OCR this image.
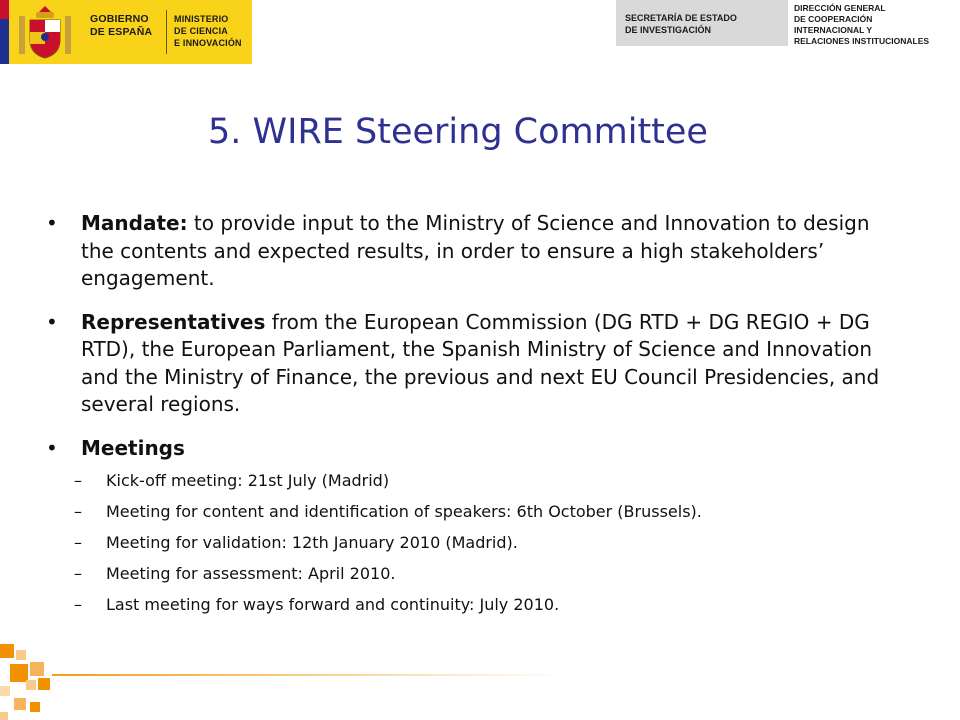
GOBIERNO
DE ESPAÑA
MINISTERIO
DE CIENCIA
E INNOVACIÓN
SECRETARÍA DE ESTADO
DE INVESTIGACIÓN
DIRECCIÓN GENERAL
DE COOPERACIÓN
INTERNACIONAL Y
RELACIONES INSTITUCIONALES
5. WIRE Steering Committee
• Mandate: to provide input to the Ministry of Science and Innovation to design the contents and expected results, in order to ensure a high stakeholders’ engagement.
• Representatives from the European Commission (DG RTD + DG REGIO + DG RTD), the European Parliament, the Spanish Ministry of Science and Innovation and the Ministry of Finance, the previous and next EU Council Presidencies, and several regions.
• Meetings
– Kick-off meeting: 21st July (Madrid)
– Meeting for content and identification of speakers: 6th October (Brussels).
– Meeting for validation: 12th January 2010 (Madrid).
– Meeting for assessment: April 2010.
– Last meeting for ways forward and continuity: July 2010.
